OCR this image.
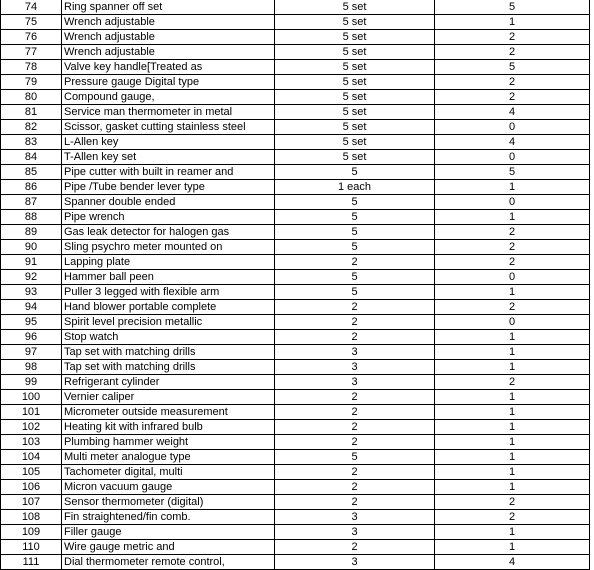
74	Ring spanner off set	5 set	5
75	Wrench adjustable	5 set	1
76	Wrench adjustable	5 set	2
77	Wrench adjustable	5 set	2
78	Valve key handle[Treated as	5 set	5
79	Pressure gauge Digital type	5 set	2
80	Compound gauge,	5 set	2
81	Service man thermometer in metal	5 set	4
82	Scissor, gasket cutting stainless steel	5 set	0
83	L-Allen key	5 set	4
84	T-Allen key set	5 set	0
85	Pipe cutter with built in reamer and	5	5
86	Pipe /Tube bender lever type	1 each	1
87	Spanner double ended	5	0
88	Pipe wrench	5	1
89	Gas leak detector for halogen gas	5	2
90	Sling psychro meter mounted on	5	2
91	Lapping plate	2	2
92	Hammer ball peen	5	0
93	Puller 3 legged with flexible arm	5	1
94	Hand blower portable complete	2	2
95	Spirit level precision metallic	2	0
96	Stop watch	2	1
97	Tap set with matching drills	3	1
98	Tap set with matching drills	3	1
99	Refrigerant cylinder	3	2
100	Vernier caliper	2	1
101	Micrometer outside measurement	2	1
102	Heating kit with infrared bulb	2	1
103	Plumbing hammer weight	2	1
104	Multi meter analogue type	5	1
105	Tachometer digital, multi	2	1
106	Micron vacuum gauge	2	1
107	Sensor thermometer (digital)	2	2
108	Fin straightened/fin comb.	3	2
109	Filler gauge	3	1
110	Wire gauge metric and	2	1
111	Dial thermometer remote control,	3	4
